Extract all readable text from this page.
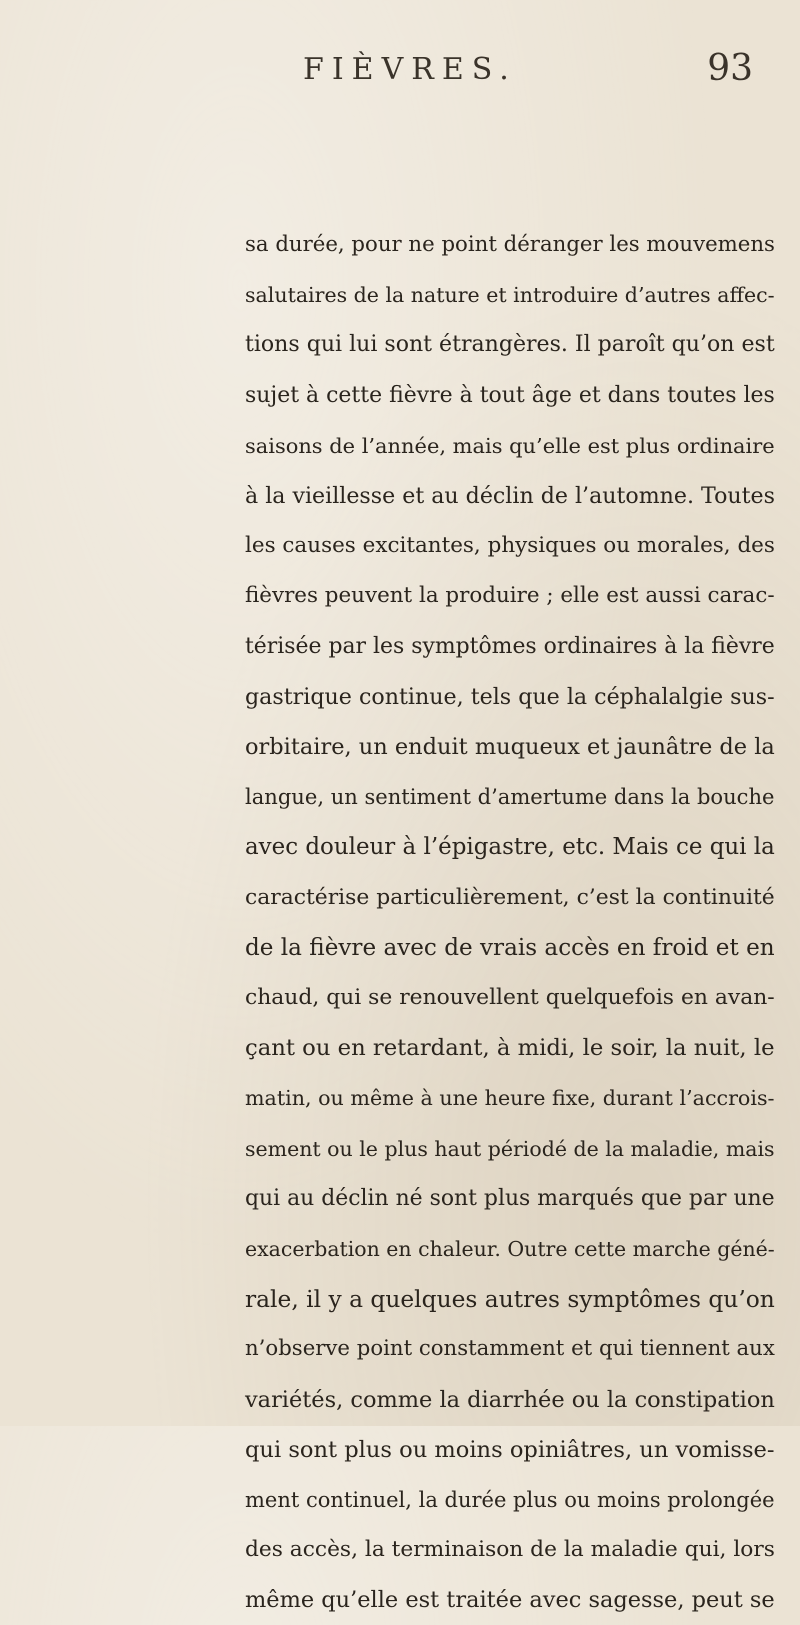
FIÈVRES.	93
sa durée, pour ne point déranger les mouvemens
salutaires de la nature et introduire d’autres affec-
tions qui lui sont étrangères. Il paroît qu’on est
sujet à cette fièvre à tout âge et dans toutes les
saisons de l’année, mais qu’elle est plus ordinaire
à la vieillesse et au déclin de l’automne. Toutes
les causes excitantes, physiques ou morales, des
fièvres peuvent la produire ; elle est aussi carac-
térisée par les symptômes ordinaires à la fièvre
gastrique continue, tels que la céphalalgie sus-
orbitaire, un enduit muqueux et jaunâtre de la
langue, un sentiment d’amertume dans la bouche
avec douleur à l’épigastre, etc. Mais ce qui la
caractérise particulièrement, c’est la continuité
de la fièvre avec de vrais accès en froid et en
chaud, qui se renouvellent quelquefois en avan-
çant ou en retardant, à midi, le soir, la nuit, le
matin, ou même à une heure fixe, durant l’accrois-
sement ou le plus haut périodé de la maladie, mais
qui au déclin né sont plus marqués que par une
exacerbation en chaleur. Outre cette marche géné-
rale, il y a quelques autres symptômes qu’on
n’observe point constamment et qui tiennent aux
variétés, comme la diarrhée ou la constipation
qui sont plus ou moins opiniâtres, un vomisse-
ment continuel, la durée plus ou moins prolongée
des accès, la terminaison de la maladie qui, lors
même qu’elle est traitée avec sagesse, peut se
